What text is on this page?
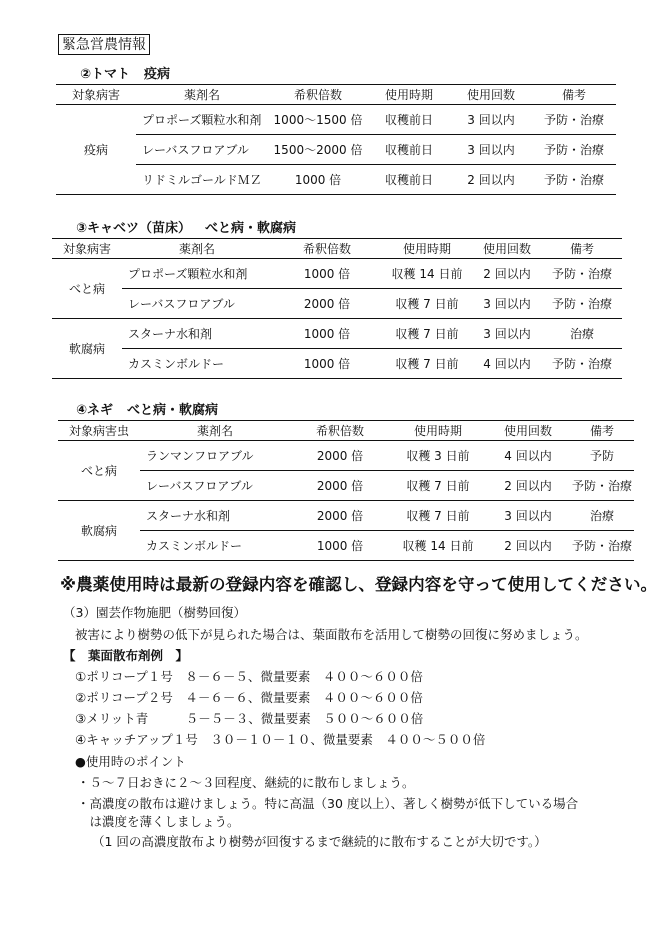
緊急営農情報
②トマト 疫病
対象病害	薬剤名	希釈倍数	使用時期	使用回数	備考
疫病	プロポーズ顆粒水和剤	1000～1500 倍	収穫前日	3 回以内	予防・治療
	レーバスフロアブル	1500～2000 倍	収穫前日	3 回以内	予防・治療
	リドミルゴールドＭＺ	1000 倍	収穫前日	2 回以内	予防・治療
③キャベツ（苗床） べと病・軟腐病
対象病害	薬剤名	希釈倍数	使用時期	使用回数	備考
べと病	プロポーズ顆粒水和剤	1000 倍	収穫 14 日前	2 回以内	予防・治療
	レーバスフロアブル	2000 倍	収穫 7 日前	3 回以内	予防・治療
軟腐病	スターナ水和剤	1000 倍	収穫 7 日前	3 回以内	治療
	カスミンボルドー	1000 倍	収穫 7 日前	4 回以内	予防・治療
④ネギ べと病・軟腐病
対象病害虫	薬剤名	希釈倍数	使用時期	使用回数	備考
べと病	ランマンフロアブル	2000 倍	収穫 3 日前	4 回以内	予防
	レーバスフロアブル	2000 倍	収穫 7 日前	2 回以内	予防・治療
軟腐病	スターナ水和剤	2000 倍	収穫 7 日前	3 回以内	治療
	カスミンボルドー	1000 倍	収穫 14 日前	2 回以内	予防・治療
※農薬使用時は最新の登録内容を確認し、登録内容を守って使用してください。
（3）園芸作物施肥（樹勢回復）
被害により樹勢の低下が見られた場合は、葉面散布を活用して樹勢の回復に努めましょう。
【　葉面散布剤例　】
①ポリコープ１号　８－６－５、微量要素　４００～６００倍
②ポリコープ２号　４－６－６、微量要素　４００～６００倍
③メリット青　　　５－５－３、微量要素　５００～６００倍
④キャッチアップ１号　３０－１０－１０、微量要素　４００～５００倍
●使用時のポイント
・５～７日おきに２～３回程度、継続的に散布しましょう。
・高濃度の散布は避けましょう。特に高温（30 度以上）、著しく樹勢が低下している場合
　は濃度を薄くしましょう。
（1 回の高濃度散布より樹勢が回復するまで継続的に散布することが大切です。）
